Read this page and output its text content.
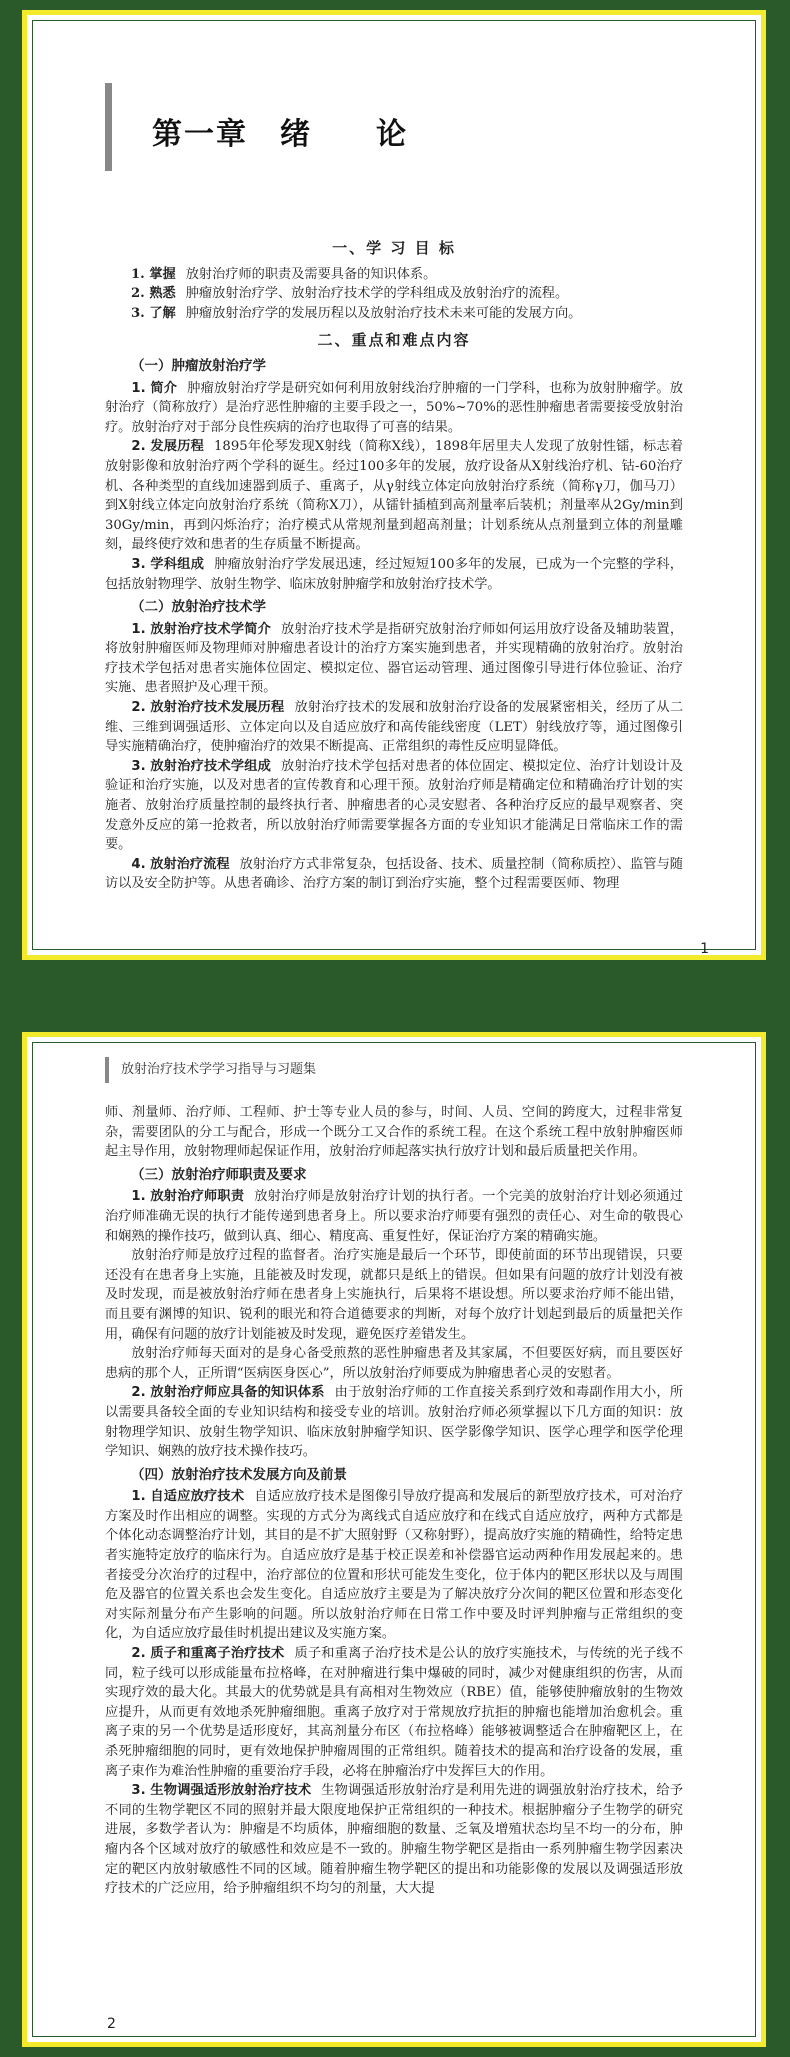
第一章　绪　　论
一、学 习 目 标

1. 掌握 放射治疗师的职责及需要具备的知识体系。

2. 熟悉 肿瘤放射治疗学、放射治疗技术学的学科组成及放射治疗的流程。

3. 了解 肿瘤放射治疗学的发展历程以及放射治疗技术未来可能的发展方向。

二、重点和难点内容
（一）肿瘤放射治疗学

1. 简介 肿瘤放射治疗学是研究如何利用放射线治疗肿瘤的一门学科，也称为放射肿瘤学。放射治疗（简称放疗）是治疗恶性肿瘤的主要手段之一，50%~70%的恶性肿瘤患者需要接受放射治疗。放射治疗对于部分良性疾病的治疗也取得了可喜的结果。

2. 发展历程 1895年伦琴发现X射线（简称X线），1898年居里夫人发现了放射性镭，标志着放射影像和放射治疗两个学科的诞生。经过100多年的发展，放疗设备从X射线治疗机、钴-60治疗机、各种类型的直线加速器到质子、重离子，从γ射线立体定向放射治疗系统（简称γ刀，伽马刀）到X射线立体定向放射治疗系统（简称X刀），从镭针插植到高剂量率后装机；剂量率从2Gy/min到30Gy/min，再到闪烁治疗；治疗模式从常规剂量到超高剂量；计划系统从点剂量到立体的剂量雕刻，最终使疗效和患者的生存质量不断提高。

3. 学科组成 肿瘤放射治疗学发展迅速，经过短短100多年的发展，已成为一个完整的学科，包括放射物理学、放射生物学、临床放射肿瘤学和放射治疗技术学。

（二）放射治疗技术学

1. 放射治疗技术学简介 放射治疗技术学是指研究放射治疗师如何运用放疗设备及辅助装置，将放射肿瘤医师及物理师对肿瘤患者设计的治疗方案实施到患者，并实现精确的放射治疗。放射治疗技术学包括对患者实施体位固定、模拟定位、器官运动管理、通过图像引导进行体位验证、治疗实施、患者照护及心理干预。

2. 放射治疗技术发展历程 放射治疗技术的发展和放射治疗设备的发展紧密相关，经历了从二维、三维到调强适形、立体定向以及自适应放疗和高传能线密度（LET）射线放疗等，通过图像引导实施精确治疗，使肿瘤治疗的效果不断提高、正常组织的毒性反应明显降低。

3. 放射治疗技术学组成 放射治疗技术学包括对患者的体位固定、模拟定位、治疗计划设计及验证和治疗实施，以及对患者的宣传教育和心理干预。放射治疗师是精确定位和精确治疗计划的实施者、放射治疗质量控制的最终执行者、肿瘤患者的心灵安慰者、各种治疗反应的最早观察者、突发意外反应的第一抢救者，所以放射治疗师需要掌握各方面的专业知识才能满足日常临床工作的需要。

4. 放射治疗流程 放射治疗方式非常复杂，包括设备、技术、质量控制（简称质控）、监管与随访以及安全防护等。从患者确诊、治疗方案的制订到治疗实施，整个过程需要医师、物理

1
放射治疗技术学学习指导与习题集

师、剂量师、治疗师、工程师、护士等专业人员的参与，时间、人员、空间的跨度大，过程非常复杂，需要团队的分工与配合，形成一个既分工又合作的系统工程。在这个系统工程中放射肿瘤医师起主导作用，放射物理师起保证作用，放射治疗师起落实执行放疗计划和最后质量把关作用。

（三）放射治疗师职责及要求

1. 放射治疗师职责 放射治疗师是放射治疗计划的执行者。一个完美的放射治疗计划必须通过治疗师准确无误的执行才能传递到患者身上。所以要求治疗师要有强烈的责任心、对生命的敬畏心和娴熟的操作技巧，做到认真、细心、精度高、重复性好，保证治疗方案的精确实施。

放射治疗师是放疗过程的监督者。治疗实施是最后一个环节，即使前面的环节出现错误，只要还没有在患者身上实施，且能被及时发现，就都只是纸上的错误。但如果有问题的放疗计划没有被及时发现，而是被放射治疗师在患者身上实施执行，后果将不堪设想。所以要求治疗师不能出错，而且要有渊博的知识、锐利的眼光和符合道德要求的判断，对每个放疗计划起到最后的质量把关作用，确保有问题的放疗计划能被及时发现，避免医疗差错发生。

放射治疗师每天面对的是身心备受煎熬的恶性肿瘤患者及其家属，不但要医好病，而且要医好患病的那个人，正所谓“医病医身医心”，所以放射治疗师要成为肿瘤患者心灵的安慰者。

2. 放射治疗师应具备的知识体系 由于放射治疗师的工作直接关系到疗效和毒副作用大小，所以需要具备较全面的专业知识结构和接受专业的培训。放射治疗师必须掌握以下几方面的知识：放射物理学知识、放射生物学知识、临床放射肿瘤学知识、医学影像学知识、医学心理学和医学伦理学知识、娴熟的放疗技术操作技巧。

（四）放射治疗技术发展方向及前景

1. 自适应放疗技术 自适应放疗技术是图像引导放疗提高和发展后的新型放疗技术，可对治疗方案及时作出相应的调整。实现的方式分为离线式自适应放疗和在线式自适应放疗，两种方式都是个体化动态调整治疗计划，其目的是不扩大照射野（又称射野），提高放疗实施的精确性，给特定患者实施特定放疗的临床行为。自适应放疗是基于校正误差和补偿器官运动两种作用发展起来的。患者接受分次治疗的过程中，治疗部位的位置和形状可能发生变化，位于体内的靶区形状以及与周围危及器官的位置关系也会发生变化。自适应放疗主要是为了解决放疗分次间的靶区位置和形态变化对实际剂量分布产生影响的问题。所以放射治疗师在日常工作中要及时评判肿瘤与正常组织的变化，为自适应放疗最佳时机提出建议及实施方案。

2. 质子和重离子治疗技术 质子和重离子治疗技术是公认的放疗实施技术，与传统的光子线不同，粒子线可以形成能量布拉格峰，在对肿瘤进行集中爆破的同时，减少对健康组织的伤害，从而实现疗效的最大化。其最大的优势就是具有高相对生物效应（RBE）值，能够使肿瘤放射的生物效应提升，从而更有效地杀死肿瘤细胞。重离子放疗对于常规放疗抗拒的肿瘤也能增加治愈机会。重离子束的另一个优势是适形度好，其高剂量分布区（布拉格峰）能够被调整适合在肿瘤靶区上，在杀死肿瘤细胞的同时，更有效地保护肿瘤周围的正常组织。随着技术的提高和治疗设备的发展，重离子束作为难治性肿瘤的重要治疗手段，必将在肿瘤治疗中发挥巨大的作用。

3. 生物调强适形放射治疗技术 生物调强适形放射治疗是利用先进的调强放射治疗技术，给予不同的生物学靶区不同的照射并最大限度地保护正常组织的一种技术。根据肿瘤分子生物学的研究进展，多数学者认为：肿瘤是不均质体，肿瘤细胞的数量、乏氧及增殖状态均呈不均一的分布，肿瘤内各个区域对放疗的敏感性和效应是不一致的。肿瘤生物学靶区是指由一系列肿瘤生物学因素决定的靶区内放射敏感性不同的区域。随着肿瘤生物学靶区的提出和功能影像的发展以及调强适形放疗技术的广泛应用，给予肿瘤组织不均匀的剂量，大大提

2
